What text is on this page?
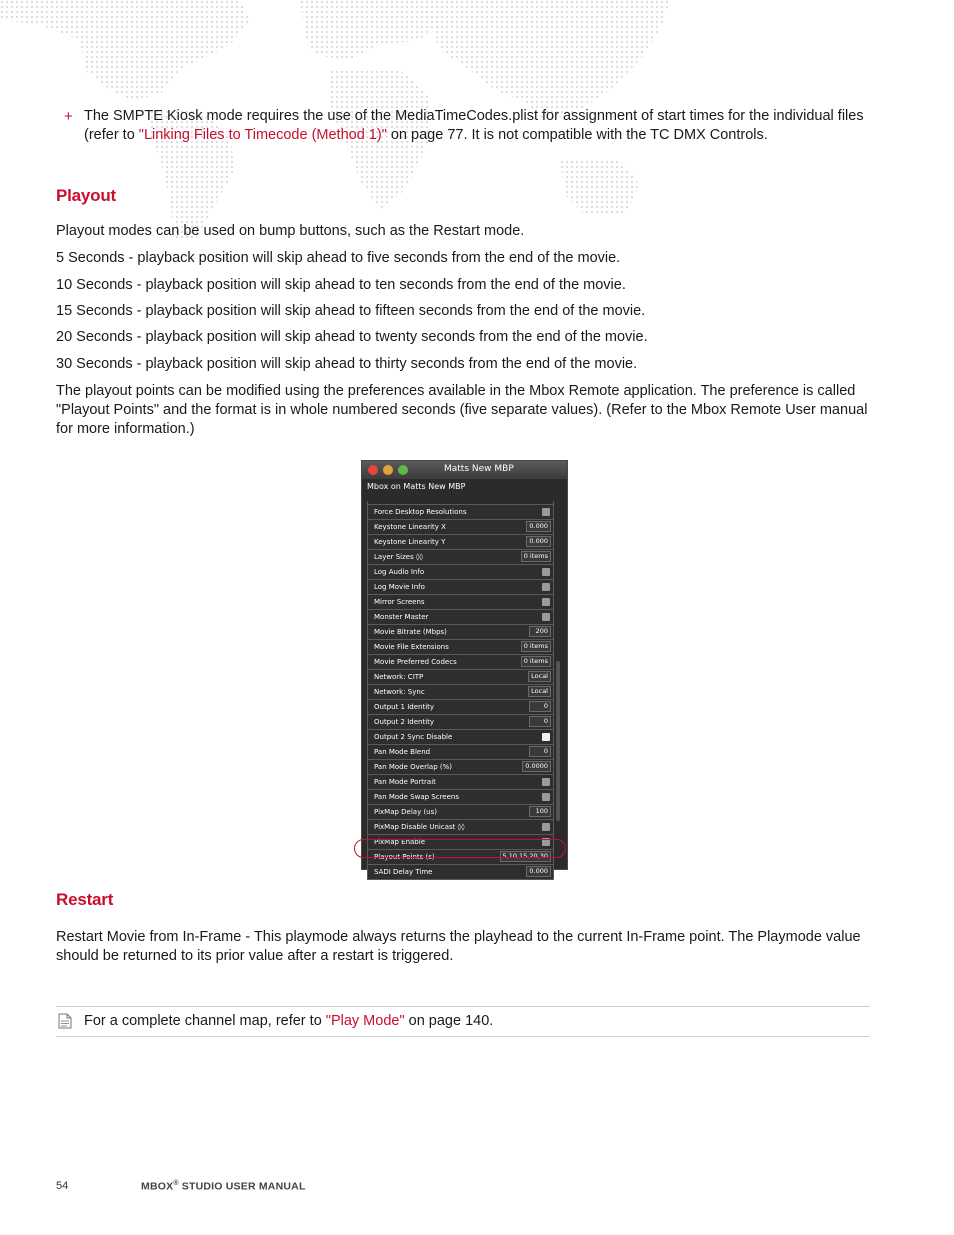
+ The SMPTE Kiosk mode requires the use of the MediaTimeCodes.plist for assignment of start times for the individual files (refer to "Linking Files to Timecode (Method 1)" on page 77. It is not compatible with the TC DMX Controls.
Playout
Playout modes can be used on bump buttons, such as the Restart mode.
5 Seconds - playback position will skip ahead to five seconds from the end of the movie.
10 Seconds - playback position will skip ahead to ten seconds from the end of the movie.
15 Seconds - playback position will skip ahead to fifteen seconds from the end of the movie.
20 Seconds - playback position will skip ahead to twenty seconds from the end of the movie.
30 Seconds - playback position will skip ahead to thirty seconds from the end of the movie.
The playout points can be modified using the preferences available in the Mbox Remote application. The preference is called "Playout Points" and the format is in whole numbered seconds (five separate values). (Refer to the Mbox Remote User manual for more information.)
Restart
Restart Movie from In-Frame - This playmode always returns the playhead to the current In-Frame point. The Playmode value should be returned to its prior value after a restart is triggered.
Matts New MBP
Mbox on Matts New MBP
Force Desktop Resolutions
Keystone Linearity X	0.000
Keystone Linearity Y	0.000
Layer Sizes ◊◊	0 items
Log Audio Info
Log Movie Info
Mirror Screens
Monster Master
Movie Bitrate (Mbps)	200
Movie File Extensions	0 items
Movie Preferred Codecs	0 items
Network: CITP	Local
Network: Sync	Local
Output 1 Identity	0
Output 2 Identity	0
Output 2 Sync Disable
Pan Mode Blend	0
Pan Mode Overlap (%)	0.0000
Pan Mode Portrait
Pan Mode Swap Screens
PixMap Delay (us)	100
PixMap Disable Unicast ◊◊
PixMap Enable
Playout Points (s)	5,10,15,20,30
SADI Delay Time	0.000
For a complete channel map, refer to "Play Mode" on page 140.
54	MBOX® STUDIO USER MANUAL
